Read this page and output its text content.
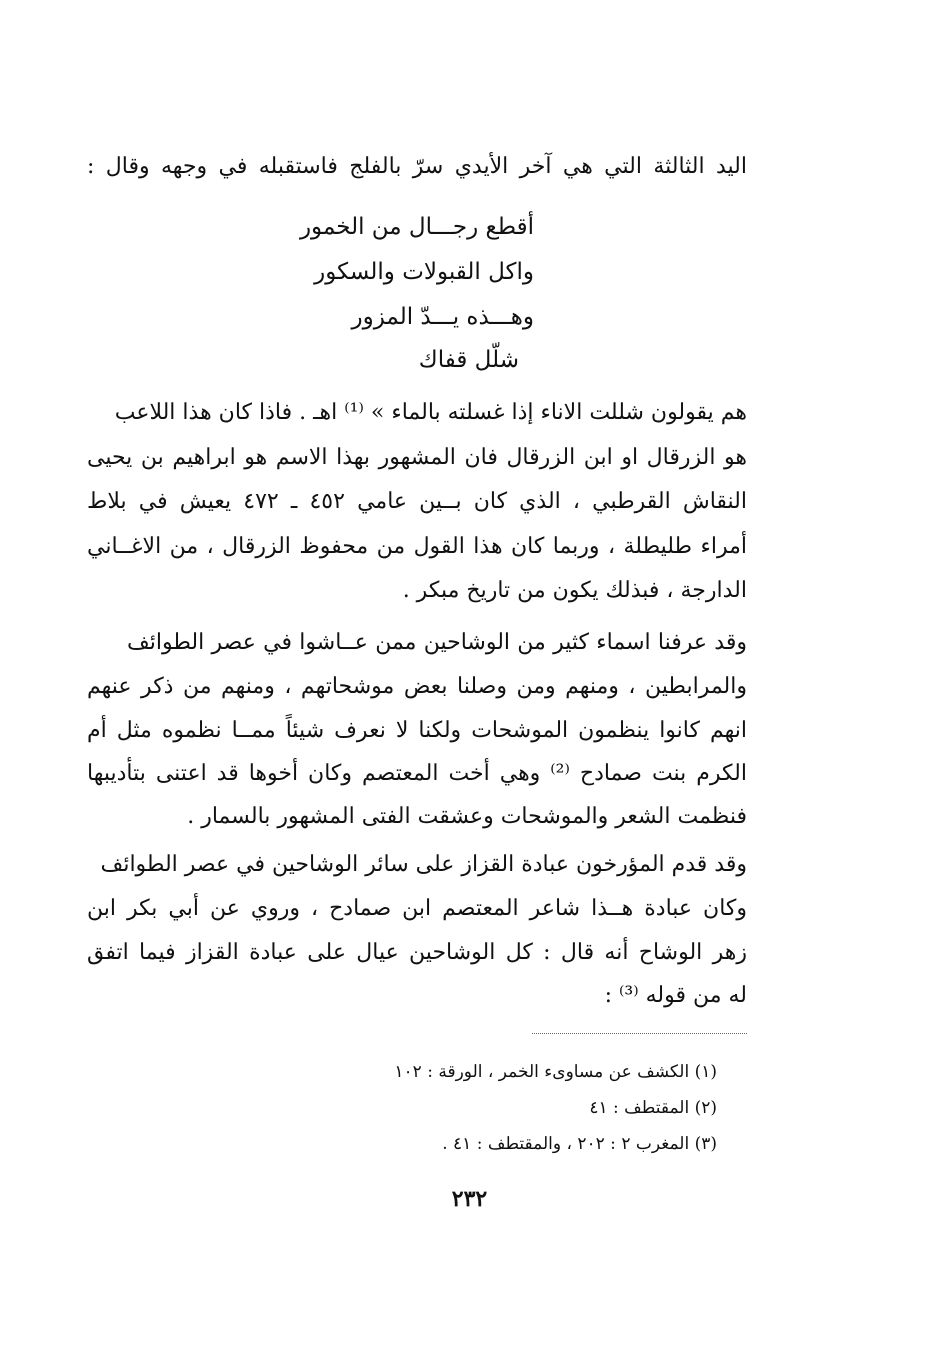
اليد الثالثة التي هي آخر الأيدي سرّ بالفلج فاستقبله في وجهه وقال :
أقطع رجـــال من الخمور
واكل القبولات والسكور
وهـــذه يـــدّ المزور
شلّل قفاك
هم يقولون شللت الاناء إذا غسلته بالماء » ⁽¹⁾ اهـ . فاذا كان هذا اللاعب
هو الزرقال او ابن الزرقال فان المشهور بهذا الاسم هو ابراهيم بن يحيى
النقاش القرطبي ، الذي كان بــين عامي ٤٥٢ ـ ٤٧٢ يعيش في بلاط
أمراء طليطلة ، وربما كان هذا القول من محفوظ الزرقال ، من الاغــاني
الدارجة ، فبذلك يكون من تاريخ مبكر .
وقد عرفنا اسماء كثير من الوشاحين ممن عــاشوا في عصر الطوائف
والمرابطين ، ومنهم ومن وصلنا بعض موشحاتهم ، ومنهم من ذكر عنهم
انهم كانوا ينظمون الموشحات ولكنا لا نعرف شيئاً ممــا نظموه مثل أم
الكرم بنت صمادح ⁽²⁾ وهي أخت المعتصم وكان أخوها قد اعتنى بتأديبها
فنظمت الشعر والموشحات وعشقت الفتى المشهور بالسمار .
وقد قدم المؤرخون عبادة القزاز على سائر الوشاحين في عصر الطوائف
وكان عبادة هــذا شاعر المعتصم ابن صمادح ، وروي عن أبي بكر ابن
زهر الوشاح أنه قال : كل الوشاحين عيال على عبادة القزاز فيما اتفق
له من قوله ⁽³⁾ :
(١) الكشف عن مساوىء الخمر ، الورقة : ١٠٢
(٢) المقتطف : ٤١
(٣) المغرب ٢ : ٢٠٢ ، والمقتطف : ٤١ .
٢٣٢
